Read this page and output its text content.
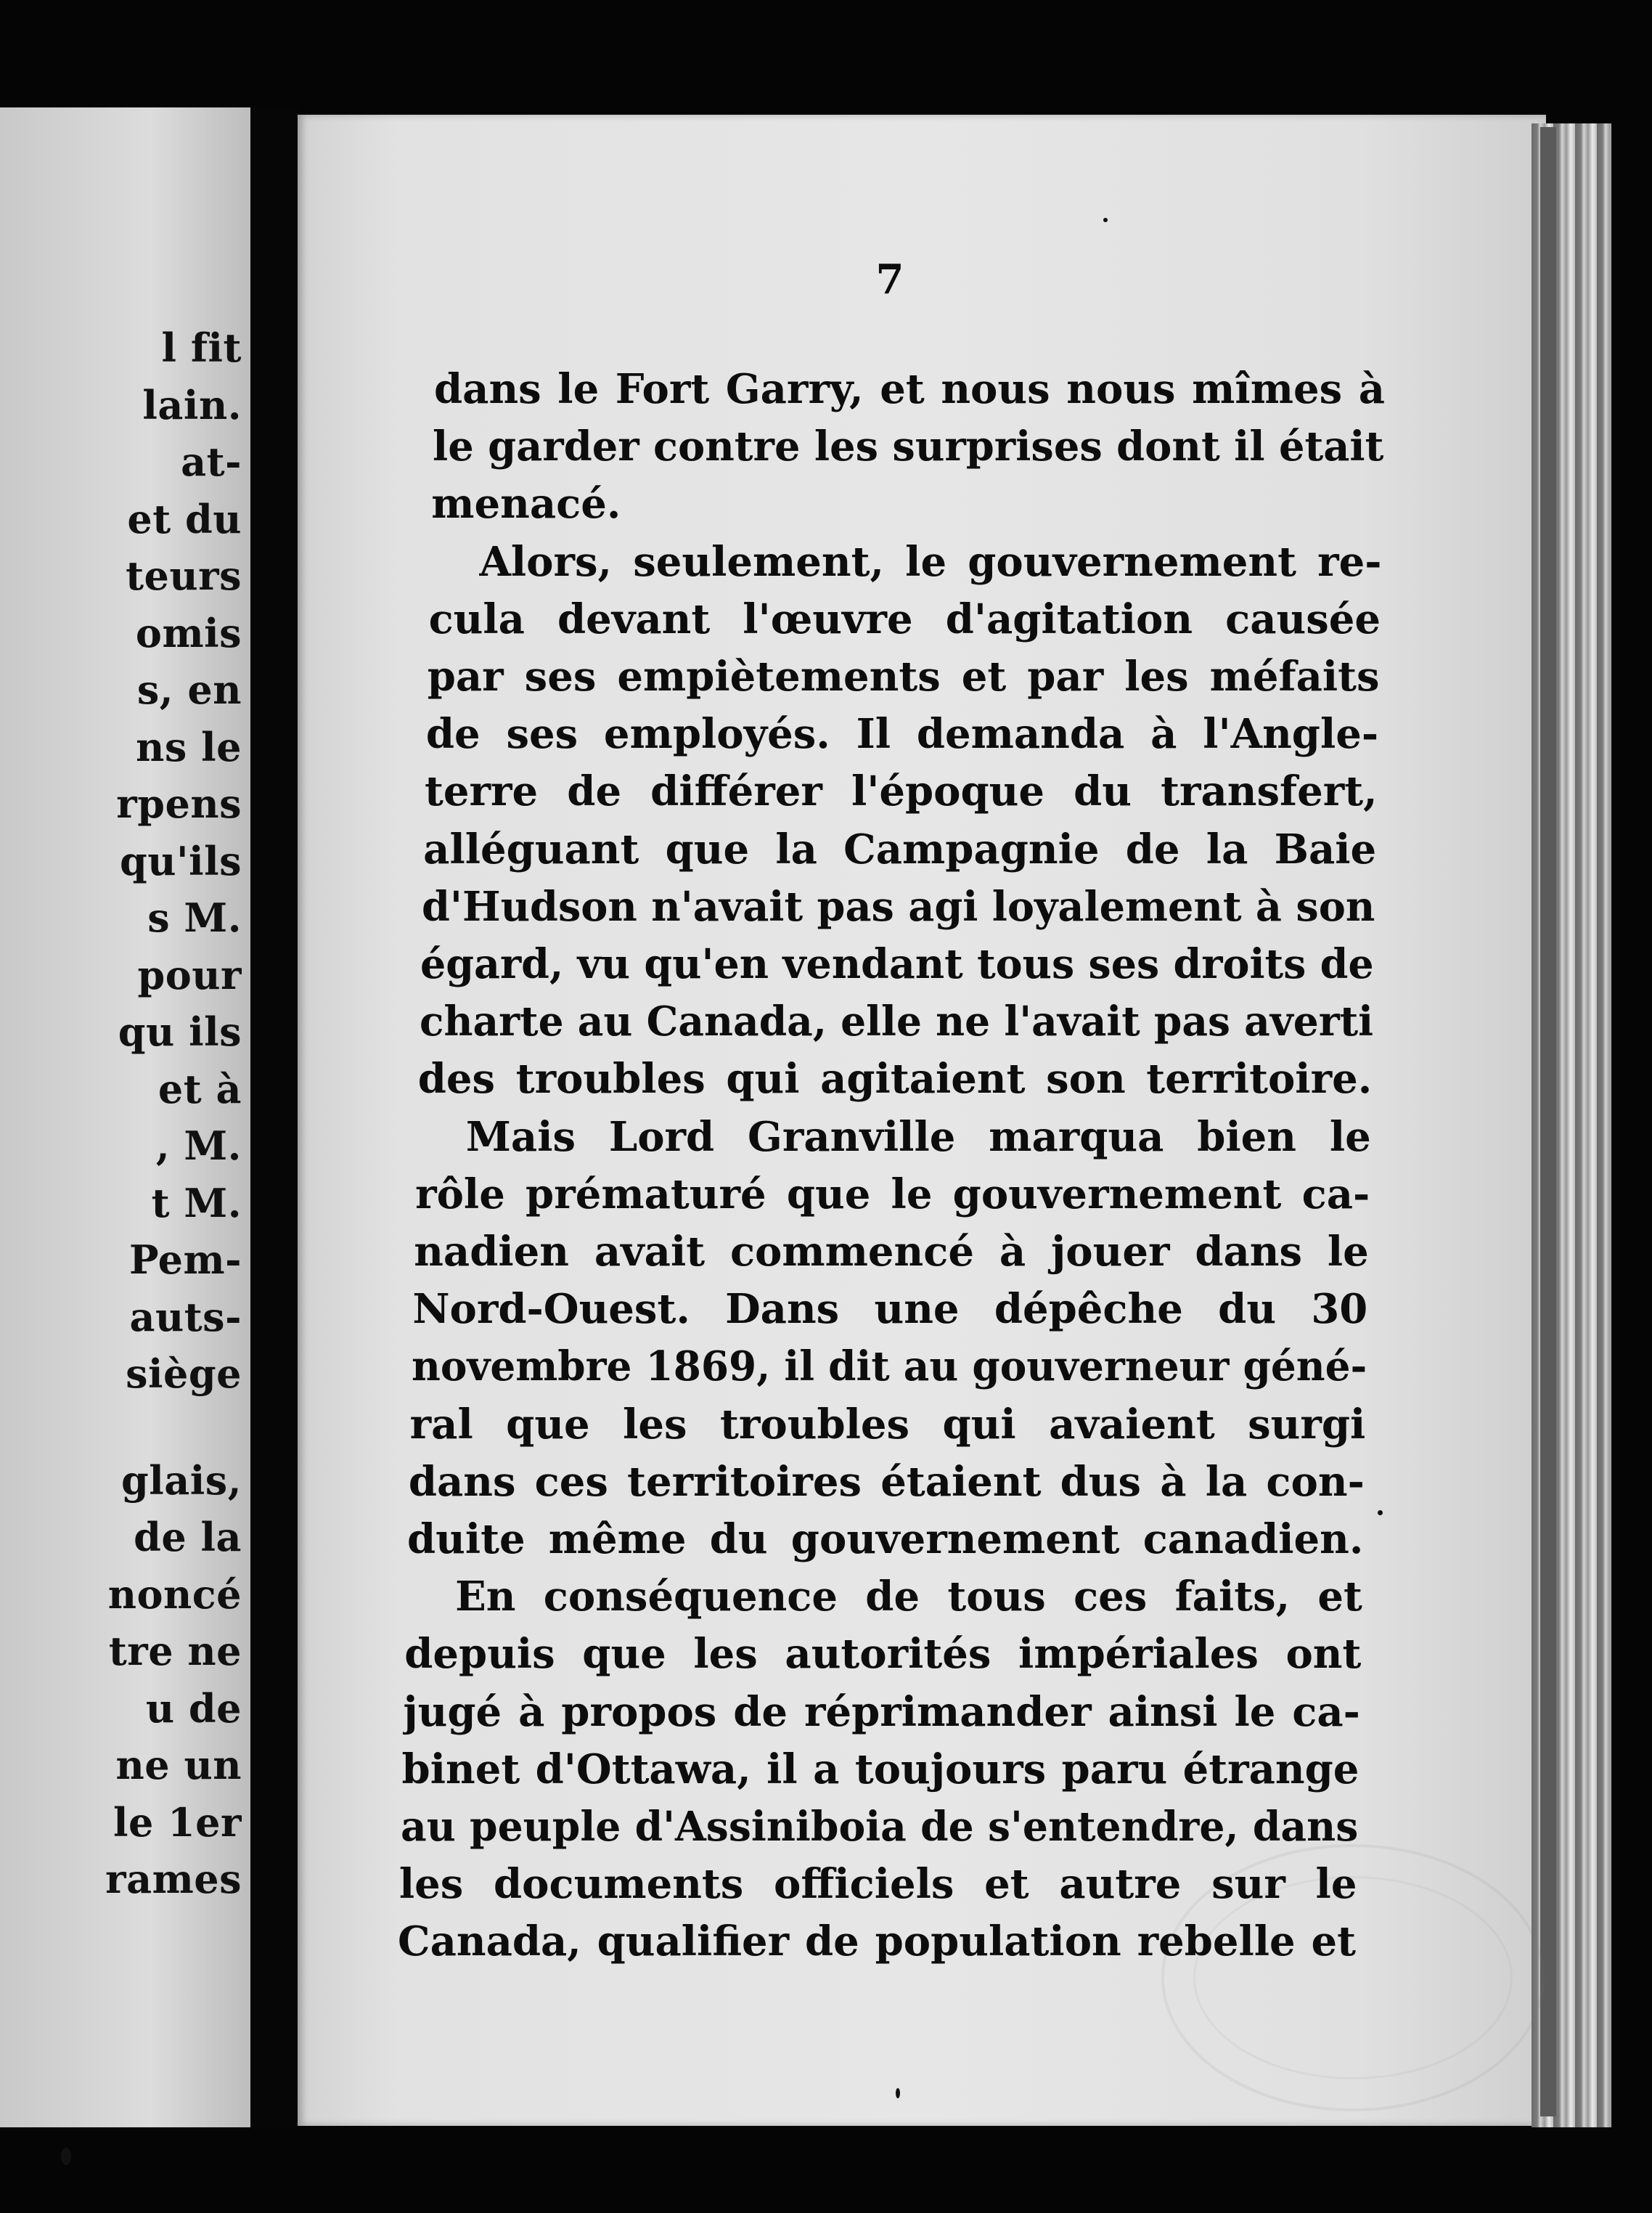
l fit
lain.
at-
et du
teurs
omis
s, en
ns le
rpens
qu'ils
s M.
pour
qu ils
et à
, M.
t M.
Pem-
auts-
siège
glais,
de la
noncé
tre ne
u de
ne un
le 1er
rames
7
dans le Fort Garry, et nous nous mîmes à
le garder contre les surprises dont il était
menacé.
Alors, seulement, le gouvernement re-
cula devant l'œuvre d'agitation causée
par ses empiètements et par les méfaits
de ses employés. Il demanda à l'Angle-
terre de différer l'époque du transfert,
alléguant que la Campagnie de la Baie
d'Hudson n'avait pas agi loyalement à son
égard, vu qu'en vendant tous ses droits de
charte au Canada, elle ne l'avait pas averti
des troubles qui agitaient son territoire.
Mais Lord Granville marqua bien le
rôle prématuré que le gouvernement ca-
nadien avait commencé à jouer dans le
Nord-Ouest. Dans une dépêche du 30
novembre 1869, il dit au gouverneur géné-
ral que les troubles qui avaient surgi
dans ces territoires étaient dus à la con-
duite même du gouvernement canadien.
En conséquence de tous ces faits, et
depuis que les autorités impériales ont
jugé à propos de réprimander ainsi le ca-
binet d'Ottawa, il a toujours paru étrange
au peuple d'Assiniboia de s'entendre, dans
les documents officiels et autre sur le
Canada, qualifier de population rebelle et
